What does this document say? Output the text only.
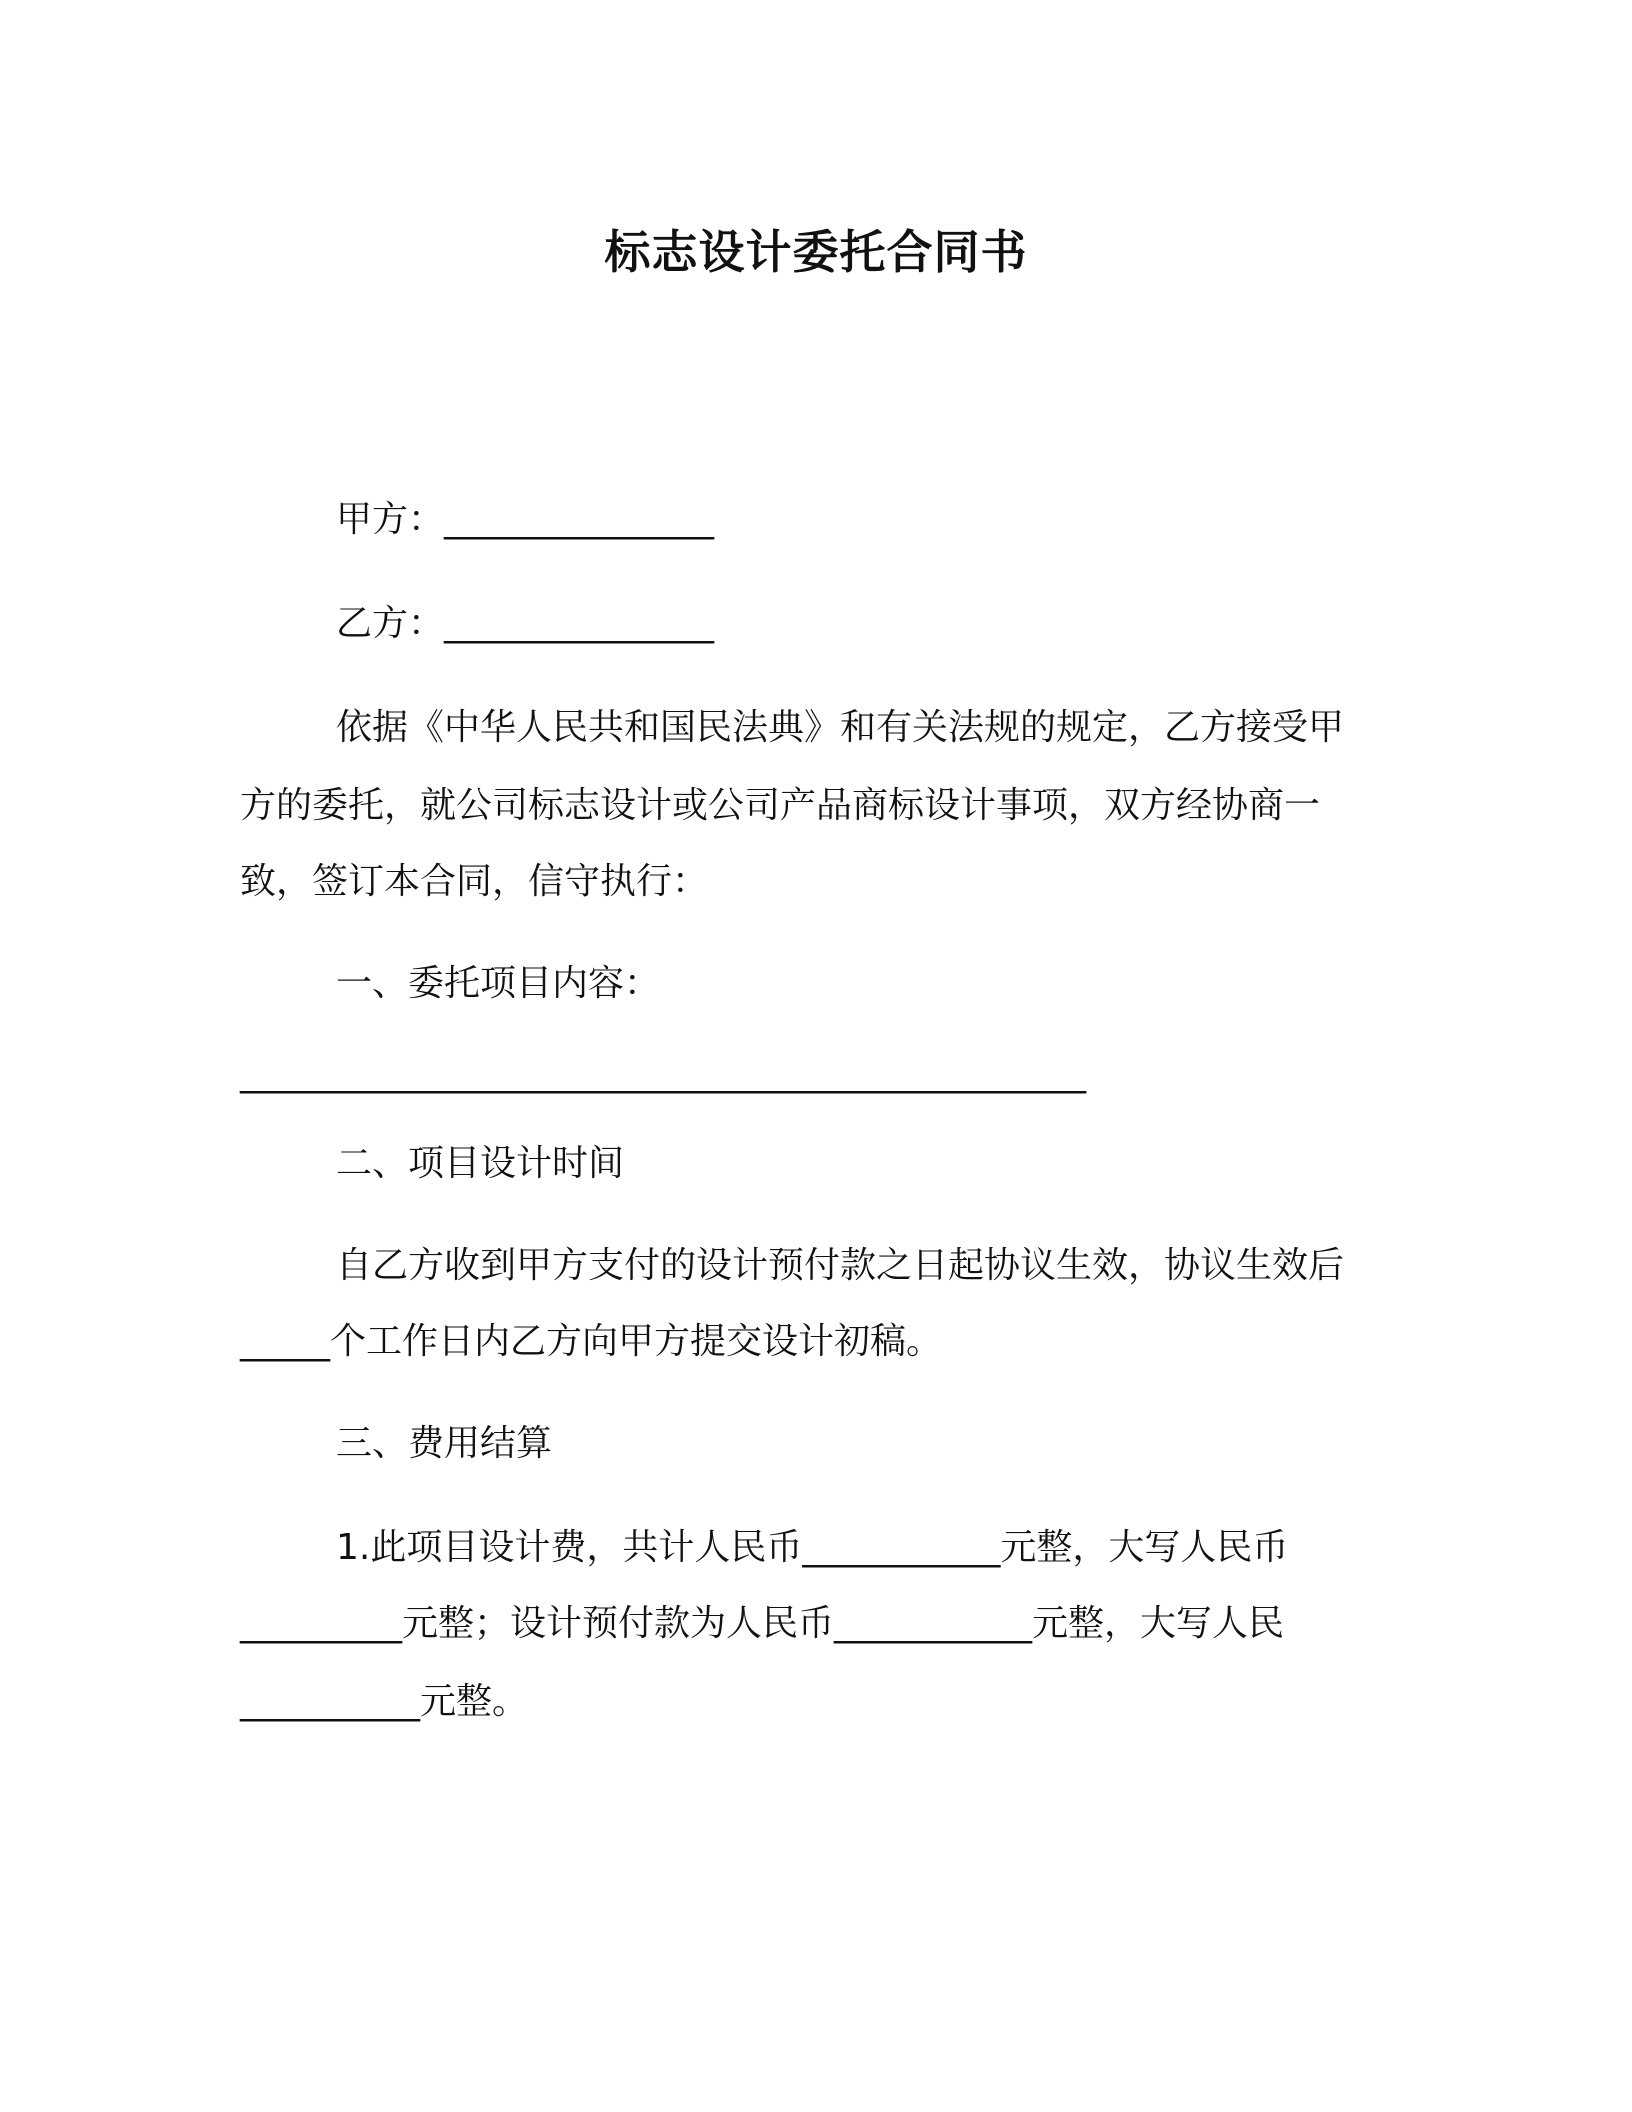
标志设计委托合同书
甲方：_______________
乙方：_______________
依据《中华人民共和国民法典》和有关法规的规定，乙方接受甲
方的委托，就公司标志设计或公司产品商标设计事项，双方经协商一
致，签订本合同，信守执行：
一、委托项目内容：
_______________________________________________
二、项目设计时间
自乙方收到甲方支付的设计预付款之日起协议生效，协议生效后
_____个工作日内乙方向甲方提交设计初稿。
三、费用结算
1.此项目设计费，共计人民币___________元整，大写人民币
_________元整；设计预付款为人民币___________元整，大写人民
__________元整。
